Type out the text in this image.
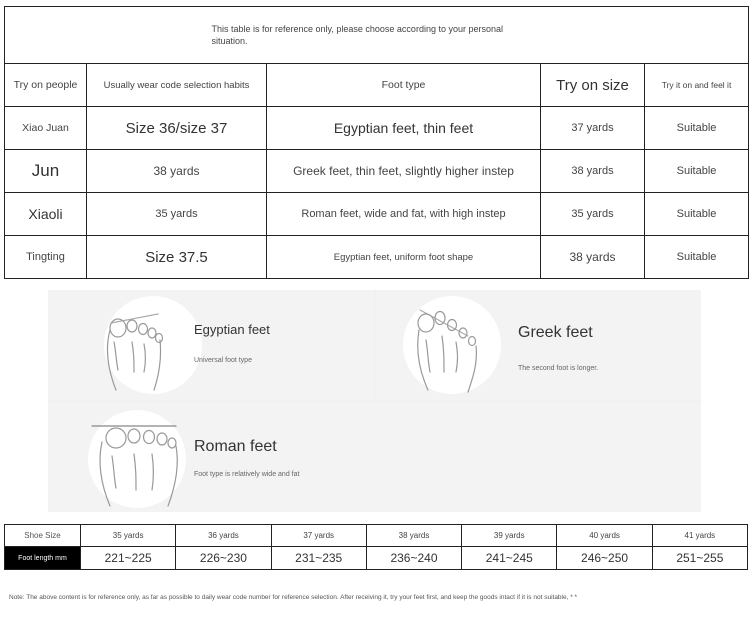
This table is for reference only, please choose according to your personal situation.				
Try on people	Usually wear code selection habits	Foot type	Try on size	Try it on and feel it
Xiao Juan	Size 36/size 37	Egyptian feet, thin feet	37 yards	Suitable
Jun	38 yards	Greek feet, thin feet, slightly higher instep	38 yards	Suitable
Xiaoli	35 yards	Roman feet, wide and fat, with high instep	35 yards	Suitable
Tingting	Size 37.5	Egyptian feet, uniform foot shape	38 yards	Suitable
Egyptian feet
Universal foot type
Greek feet
The second foot is longer.
Roman feet
Foot type is relatively wide and fat
Shoe Size	35 yards	36 yards	37 yards	38 yards	39 yards	40 yards	41 yards
Foot length mm	221~225	226~230	231~235	236~240	241~245	246~250	251~255
Note: The above content is for reference only, as far as possible to daily wear code number for reference selection. After receiving it, try your feet first, and keep the goods intact if it is not suitable, * *
